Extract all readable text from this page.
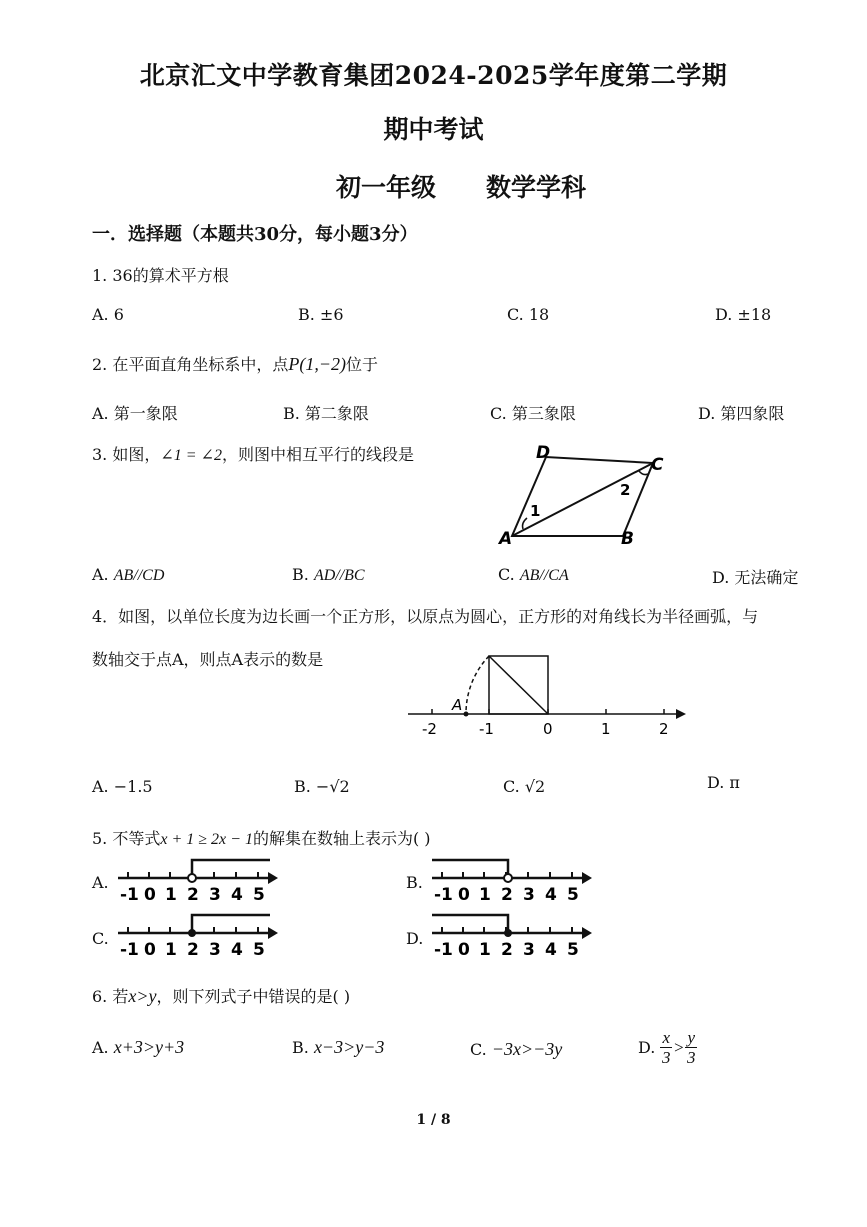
北京汇文中学教育集团2024-2025学年度第二学期
期中考试
初一年级 数学学科
一．选择题（本题共30分，每小题3分）
1. 36的算术平方根
A. 6	B. ±6	C. 18	D. ±18
2. 在平面直角坐标系中，点P(1,−2)位于
A. 第一象限	B. 第二象限	C. 第三象限	D. 第四象限
3. 如图，∠1 = ∠2，则图中相互平行的线段是	D
C
A	B
1
2
A. AB//CD	B. AD//BC	C. AB//CA	D. 无法确定
4．如图，以单位长度为边长画一个正方形，以原点为圆心，正方形的对角线长为半径画弧，与
数轴交于点A，则点A表示的数是
A
-2	-1	0	1	2
A. −1.5	B. −√2	C. √2	D. π
5. 不等式x + 1 ≥ 2x − 1的解集在数轴上表示为( )
A.
-1 0 1 2 3 4 5
B.
-1 0 1 2 3 4 5
C.
-1 0 1 2 3 4 5
D.
-1 0 1 2 3 4 5
6. 若x>y，则下列式子中错误的是( )
A. x+3>y+3	B. x−3>y−3	C. −3x>−3y	D. $\frac{x}{3} > \frac{y}{3}$
1 / 8
